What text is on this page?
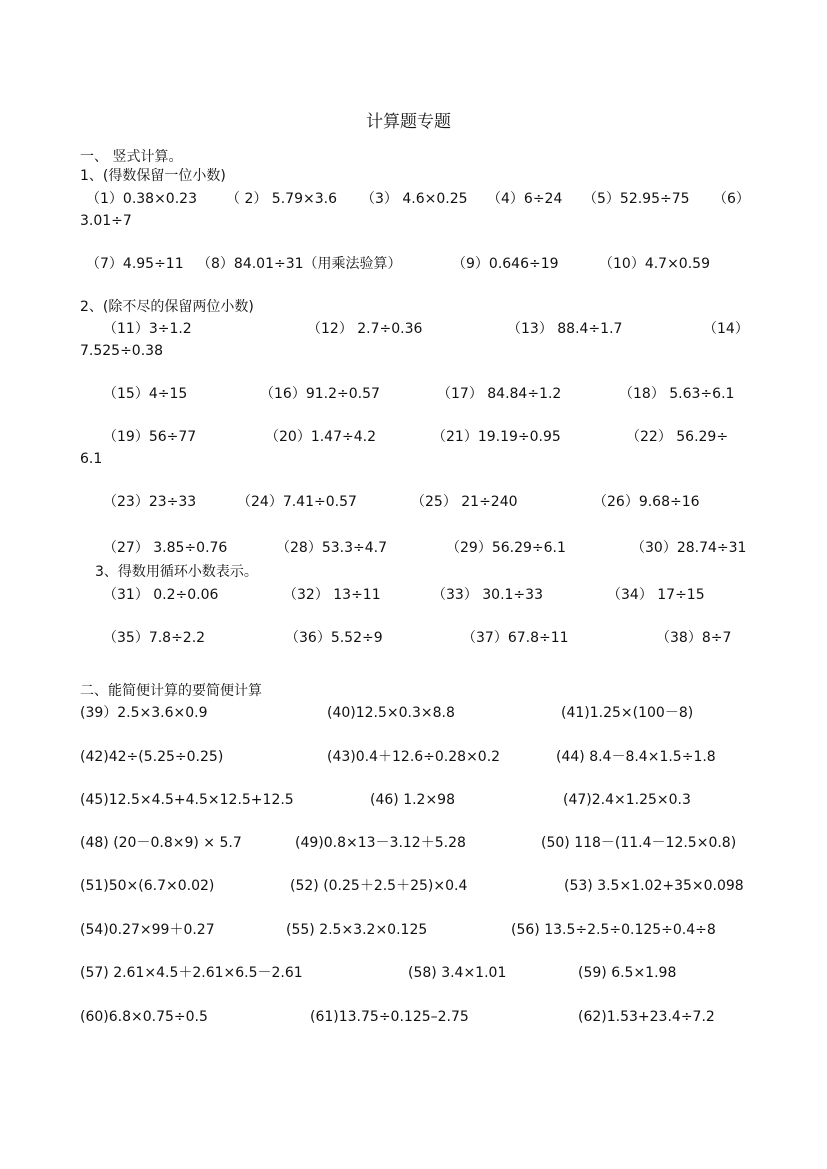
计算题专题
一、 竖式计算。
1、(得数保留一位小数)
（1）0.38×0.23 （ 2） 5.79×3.6 （3） 4.6×0.25 （4）6÷24 （5）52.95÷75 （6）
3.01÷7
（7）4.95÷11 （8）84.01÷31（用乘法验算）	（9）0.646÷19	（10）4.7×0.59
2、(除不尽的保留两位小数)
（11）3÷1.2	（12） 2.7÷0.36	（13） 88.4÷1.7	（14）
7.525÷0.38
（15）4÷15	（16）91.2÷0.57	（17） 84.84÷1.2	（18） 5.63÷6.1
（19）56÷77	（20）1.47÷4.2	（21）19.19÷0.95	（22） 56.29÷
6.1
（23）23÷33	（24）7.41÷0.57	（25） 21÷240	（26）9.68÷16
（27） 3.85÷0.76	（28）53.3÷4.7	（29）56.29÷6.1	（30）28.74÷31
3、得数用循环小数表示。
（31） 0.2÷0.06	（32） 13÷11	（33） 30.1÷33	（34） 17÷15
（35）7.8÷2.2	（36）5.52÷9	（37）67.8÷11	（38）8÷7
二、能简便计算的要简便计算
(39）2.5×3.6×0.9	(40)12.5×0.3×8.8	(41)1.25×(100－8)
(42)42÷(5.25÷0.25)	(43)0.4＋12.6÷0.28×0.2	(44) 8.4－8.4×1.5÷1.8
(45)12.5×4.5+4.5×12.5+12.5	(46) 1.2×98	(47)2.4×1.25×0.3
(48) (20－0.8×9) × 5.7	(49)0.8×13－3.12＋5.28	(50) 118－(11.4－12.5×0.8)
(51)50×(6.7×0.02)	(52) (0.25＋2.5＋25)×0.4	(53) 3.5×1.02+35×0.098
(54)0.27×99＋0.27	(55) 2.5×3.2×0.125	(56) 13.5÷2.5÷0.125÷0.4÷8
(57) 2.61×4.5＋2.61×6.5－2.61	(58) 3.4×1.01	(59) 6.5×1.98
(60)6.8×0.75÷0.5	(61)13.75÷0.125–2.75	(62)1.53+23.4÷7.2
